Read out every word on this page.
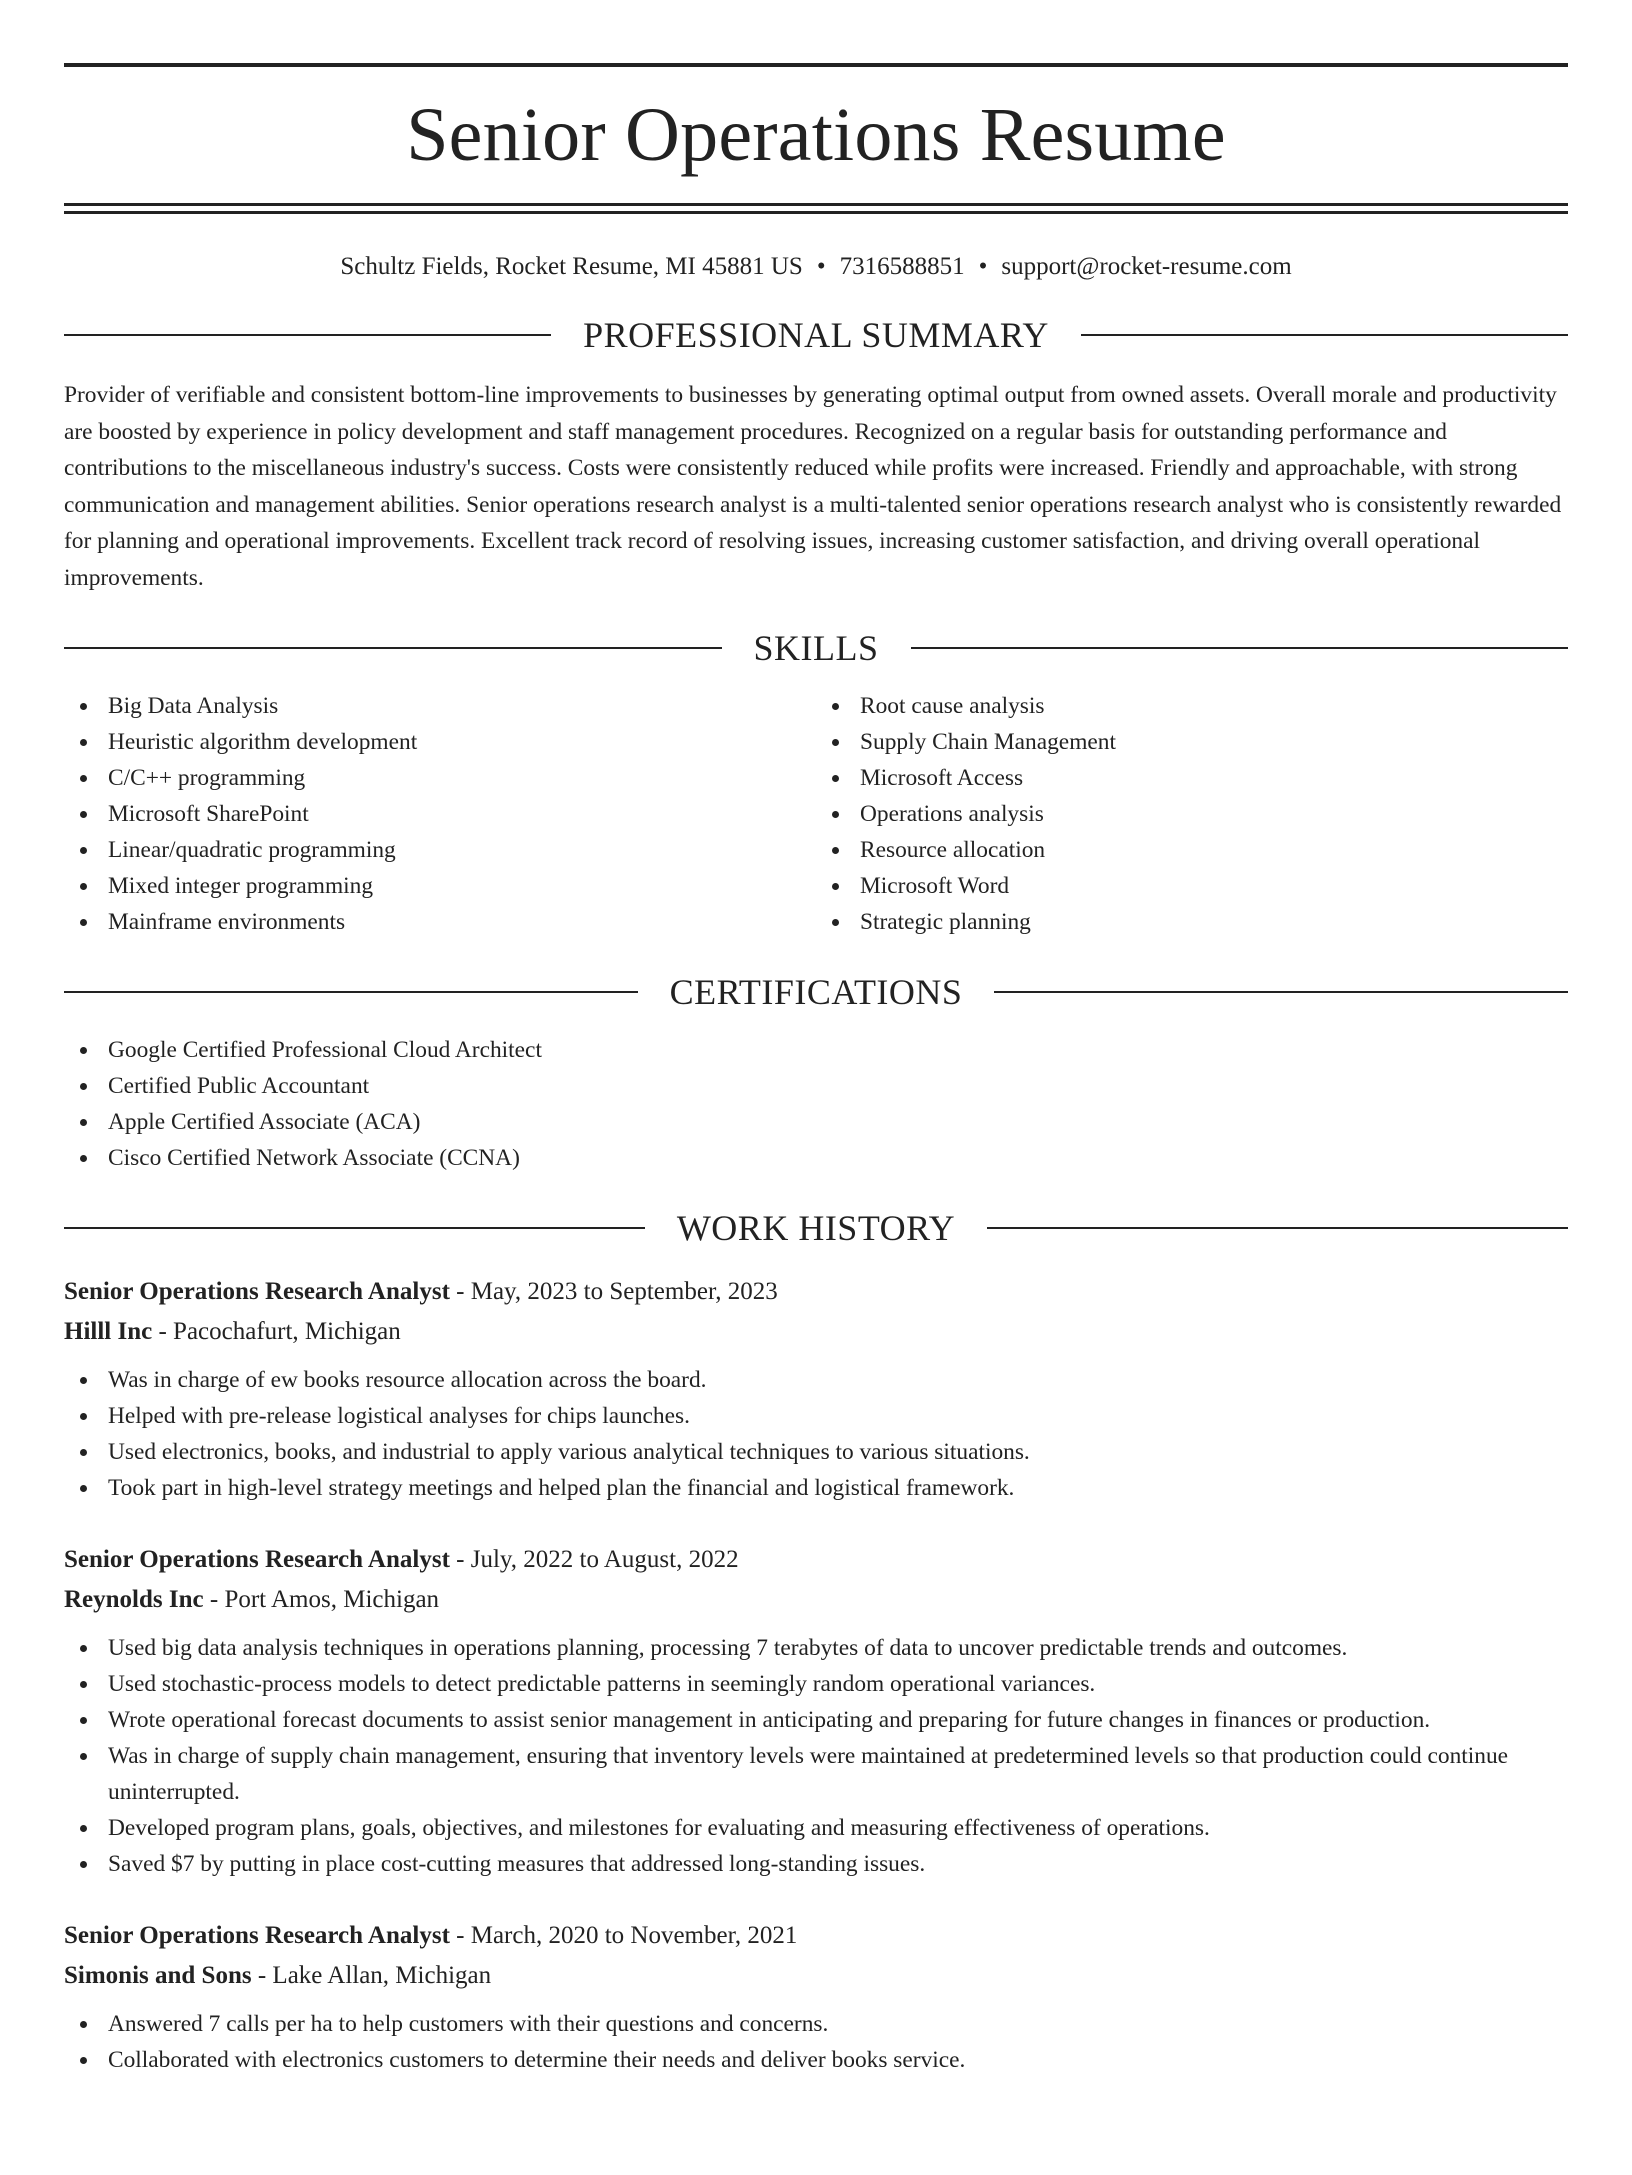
Senior Operations Resume
Schultz Fields, Rocket Resume, MI 45881 US • 7316588851 • support@rocket-resume.com
PROFESSIONAL SUMMARY
Provider of verifiable and consistent bottom-line improvements to businesses by generating optimal output from owned assets. Overall morale and productivity are boosted by experience in policy development and staff management procedures. Recognized on a regular basis for outstanding performance and contributions to the miscellaneous industry's success. Costs were consistently reduced while profits were increased. Friendly and approachable, with strong communication and management abilities. Senior operations research analyst is a multi-talented senior operations research analyst who is consistently rewarded for planning and operational improvements. Excellent track record of resolving issues, increasing customer satisfaction, and driving overall operational improvements.
SKILLS
Big Data Analysis
Heuristic algorithm development
C/C++ programming
Microsoft SharePoint
Linear/quadratic programming
Mixed integer programming
Mainframe environments
Root cause analysis
Supply Chain Management
Microsoft Access
Operations analysis
Resource allocation
Microsoft Word
Strategic planning
CERTIFICATIONS
Google Certified Professional Cloud Architect
Certified Public Accountant
Apple Certified Associate (ACA)
Cisco Certified Network Associate (CCNA)
WORK HISTORY
Senior Operations Research Analyst - May, 2023 to September, 2023
Hilll Inc - Pacochafurt, Michigan
Was in charge of ew books resource allocation across the board.
Helped with pre-release logistical analyses for chips launches.
Used electronics, books, and industrial to apply various analytical techniques to various situations.
Took part in high-level strategy meetings and helped plan the financial and logistical framework.
Senior Operations Research Analyst - July, 2022 to August, 2022
Reynolds Inc - Port Amos, Michigan
Used big data analysis techniques in operations planning, processing 7 terabytes of data to uncover predictable trends and outcomes.
Used stochastic-process models to detect predictable patterns in seemingly random operational variances.
Wrote operational forecast documents to assist senior management in anticipating and preparing for future changes in finances or production.
Was in charge of supply chain management, ensuring that inventory levels were maintained at predetermined levels so that production could continue uninterrupted.
Developed program plans, goals, objectives, and milestones for evaluating and measuring effectiveness of operations.
Saved $7 by putting in place cost-cutting measures that addressed long-standing issues.
Senior Operations Research Analyst - March, 2020 to November, 2021
Simonis and Sons - Lake Allan, Michigan
Answered 7 calls per ha to help customers with their questions and concerns.
Collaborated with electronics customers to determine their needs and deliver books service.
